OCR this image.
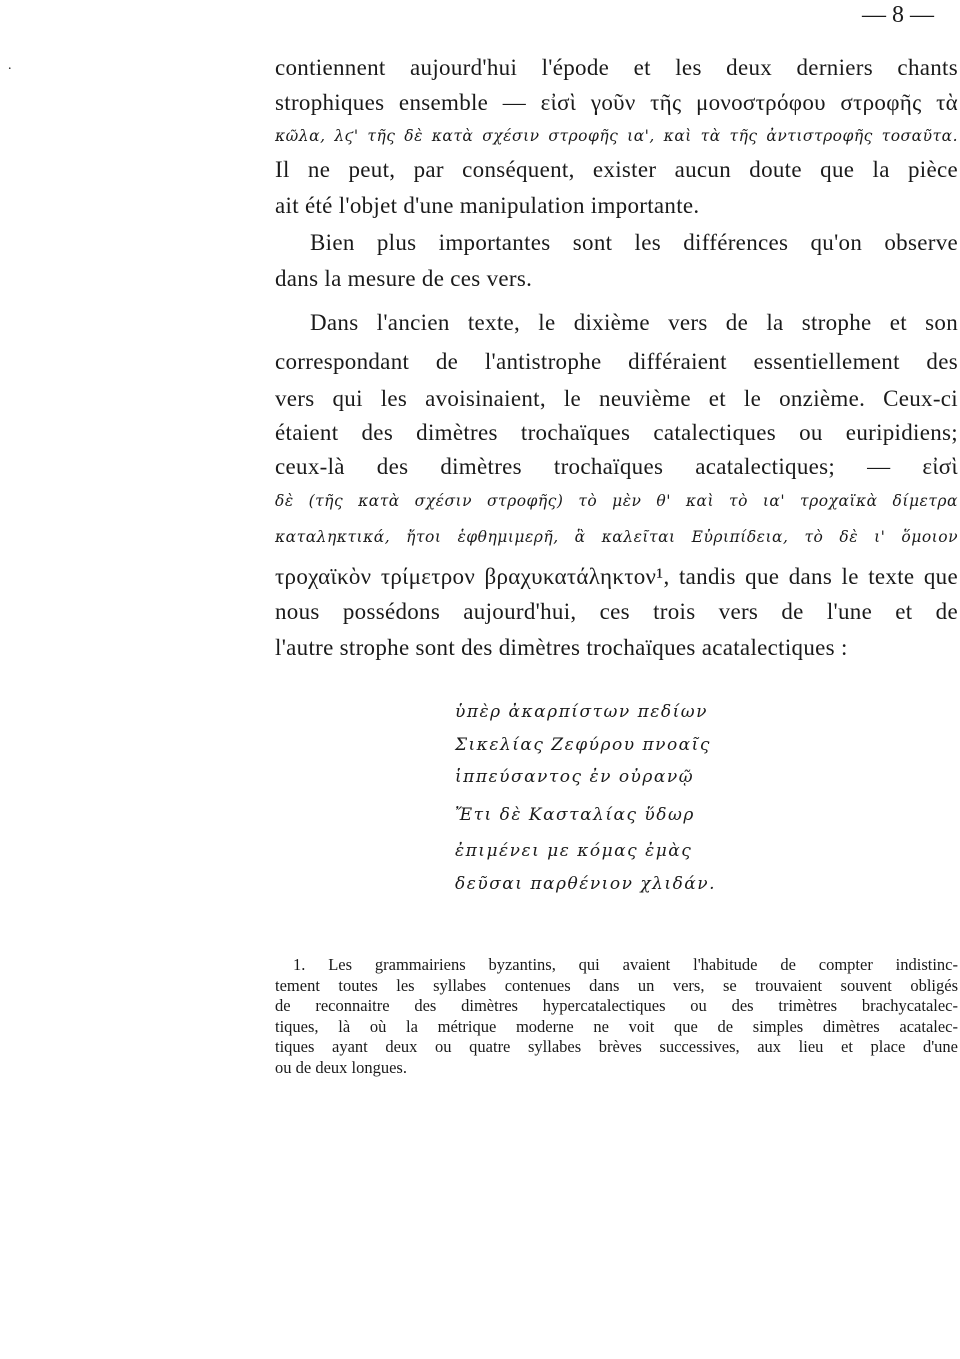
— 8 —
.	contiennent aujourd'hui l'épode et les deux derniers chants
strophiques ensemble — εἰσὶ γοῦν τῆς μονοστρόφου στροφῆς τὰ
κῶλα, λϛ' τῆς δὲ κατὰ σχέσιν στροφῆς ια', καὶ τὰ τῆς ἀντιστροφῆς τοσαῦτα.
Il ne peut, par conséquent, exister aucun doute que la pièce
ait été l'objet d'une manipulation importante.
Bien plus importantes sont les différences qu'on observe
dans la mesure de ces vers.
Dans l'ancien texte, le dixième vers de la strophe et son
correspondant de l'antistrophe différaient essentiellement des
vers qui les avoisinaient, le neuvième et le onzième. Ceux-ci
étaient des dimètres trochaïques catalectiques ou euripidiens;
ceux-là des dimètres trochaïques acatalectiques; — εἰσὶ
δὲ (τῆς κατὰ σχέσιν στροφῆς) τὸ μὲν θ' καὶ τὸ ια' τροχαϊκὰ δίμετρα
καταληκτικά, ἤτοι ἑφθημιμερῆ, ἃ καλεῖται Εὐριπίδεια, τὸ δὲ ι' ὅμοιον
τροχαϊκὸν τρίμετρον βραχυκατάληκτον¹, tandis que dans le texte que
nous possédons aujourd'hui, ces trois vers de l'une et de
l'autre strophe sont des dimètres trochaïques acatalectiques :
ὑπὲρ ἀκαρπίστων πεδίων
Σικελίας Ζεφύρου πνοαῖς
ἱππεύσαντος ἐν οὐρανῷ
Ἔτι δὲ Κασταλίας ὕδωρ
ἐπιμένει με κόμας ἐμὰς
δεῦσαι παρθένιον χλιδάν.
1. Les grammairiens byzantins, qui avaient l'habitude de compter indistinc-
tement toutes les syllabes contenues dans un vers, se trouvaient souvent obligés
de reconnaitre des dimètres hypercatalectiques ou des trimètres brachycatalec-
tiques, là où la métrique moderne ne voit que de simples dimètres acatalec-
tiques ayant deux ou quatre syllabes brèves successives, aux lieu et place d'une
ou de deux longues.
